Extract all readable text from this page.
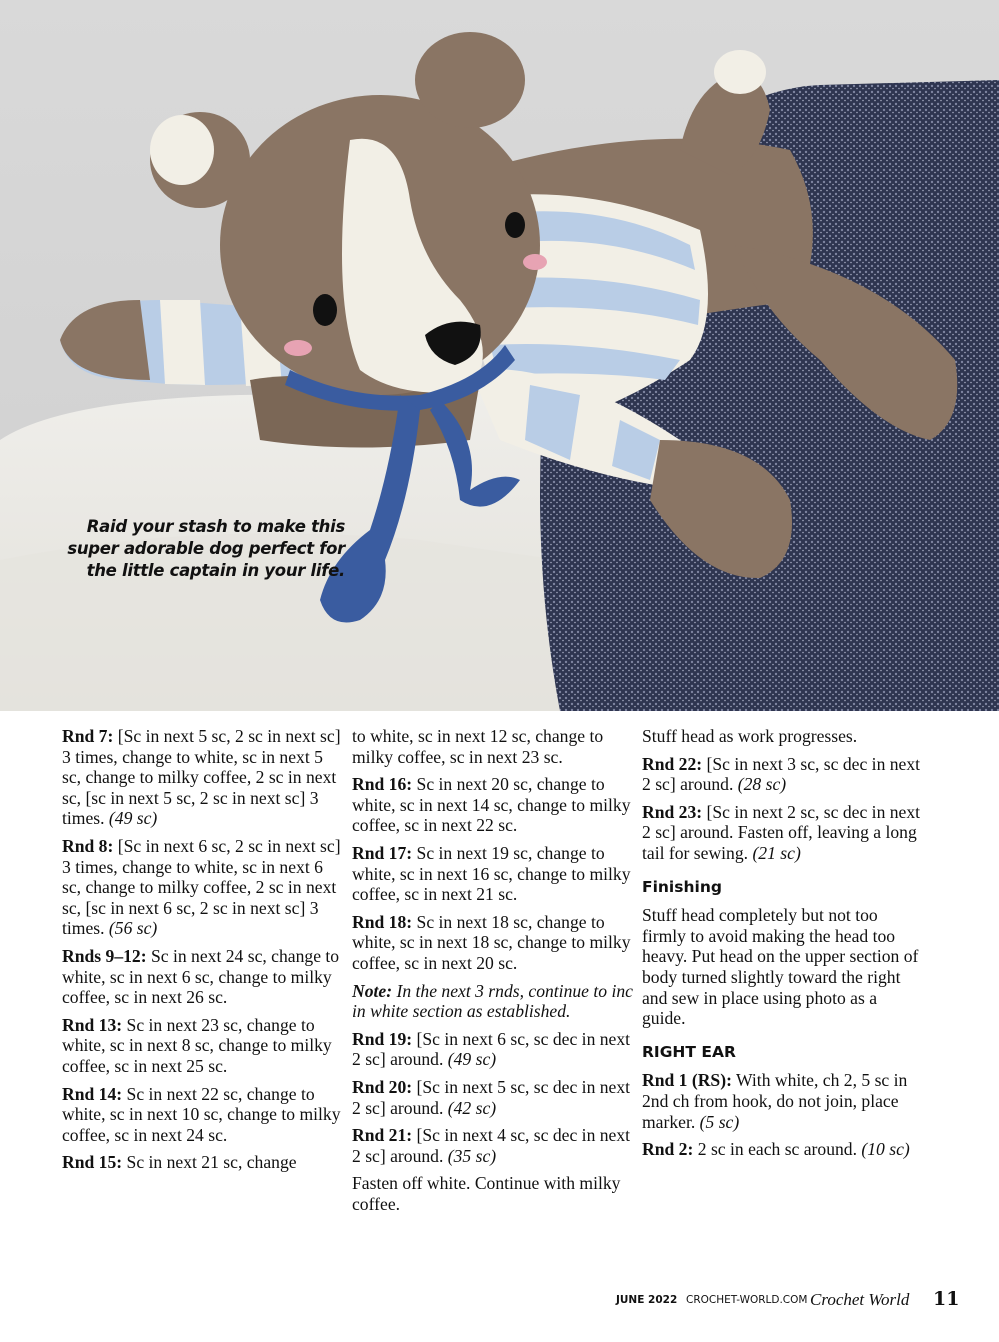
Raid your stash to make this super adorable dog perfect for the little captain in your life.

Rnd 7: [Sc in next 5 sc, 2 sc in next sc] 3 times, change to white, sc in next 5 sc, change to milky coffee, 2 sc in next sc, [sc in next 5 sc, 2 sc in next sc] 3 times. (49 sc)

Rnd 8: [Sc in next 6 sc, 2 sc in next sc] 3 times, change to white, sc in next 6 sc, change to milky coffee, 2 sc in next sc, [sc in next 6 sc, 2 sc in next sc] 3 times. (56 sc)

Rnds 9–12: Sc in next 24 sc, change to white, sc in next 6 sc, change to milky coffee, sc in next 26 sc.

Rnd 13: Sc in next 23 sc, change to white, sc in next 8 sc, change to milky coffee, sc in next 25 sc.

Rnd 14: Sc in next 22 sc, change to white, sc in next 10 sc, change to milky coffee, sc in next 24 sc.

Rnd 15: Sc in next 21 sc, change

to white, sc in next 12 sc, change to milky coffee, sc in next 23 sc.

Rnd 16: Sc in next 20 sc, change to white, sc in next 14 sc, change to milky coffee, sc in next 22 sc.

Rnd 17: Sc in next 19 sc, change to white, sc in next 16 sc, change to milky coffee, sc in next 21 sc.

Rnd 18: Sc in next 18 sc, change to white, sc in next 18 sc, change to milky coffee, sc in next 20 sc.

Note: In the next 3 rnds, continue to inc in white section as established.

Rnd 19: [Sc in next 6 sc, sc dec in next 2 sc] around. (49 sc)

Rnd 20: [Sc in next 5 sc, sc dec in next 2 sc] around. (42 sc)

Rnd 21: [Sc in next 4 sc, sc dec in next 2 sc] around. (35 sc)

Fasten off white. Continue with milky coffee.

Stuff head as work progresses.

Rnd 22: [Sc in next 3 sc, sc dec in next 2 sc] around. (28 sc)

Rnd 23: [Sc in next 2 sc, sc dec in next 2 sc] around. Fasten off, leaving a long tail for sewing. (21 sc)

Finishing

Stuff head completely but not too firmly to avoid making the head too heavy. Put head on the upper section of body turned slightly toward the right and sew in place using photo as a guide.

RIGHT EAR

Rnd 1 (RS): With white, ch 2, 5 sc in 2nd ch from hook, do not join, place marker. (5 sc)

Rnd 2: 2 sc in each sc around. (10 sc)

JUNE 2022 CROCHET-WORLD.COM Crochet World 11
